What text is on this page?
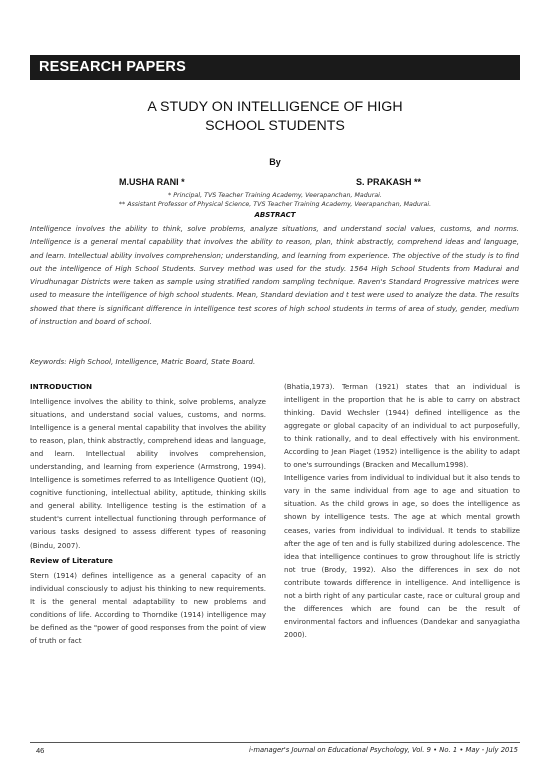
RESEARCH PAPERS
A STUDY ON INTELLIGENCE OF HIGH
SCHOOL STUDENTS
By
M.USHA RANI *	S. PRAKASH **
* Principal, TVS Teacher Training Academy, Veerapanchan, Madurai.
** Assistant Professor of Physical Science, TVS Teacher Training Academy, Veerapanchan, Madurai.
ABSTRACT

Intelligence involves the ability to think, solve problems, analyze situations, and understand social values, customs, and norms. Intelligence is a general mental capability that involves the ability to reason, plan, think abstractly, comprehend ideas and language, and learn. Intellectual ability involves comprehension; understanding, and learning from experience. The objective of the study is to find out the intelligence of High School Students. Survey method was used for the study. 1564 High School Students from Madurai and Virudhunagar Districts were taken as sample using stratified random sampling technique. Raven's Standard Progressive matrices were used to measure the intelligence of high school students. Mean, Standard deviation and t test were used to analyze the data. The results showed that there is significant difference in intelligence test scores of high school students in terms of area of study, gender, medium of instruction and board of school.

Keywords: High School, Intelligence, Matric Board, State Board.
INTRODUCTION

Intelligence involves the ability to think, solve problems, analyze situations, and understand social values, customs, and norms. Intelligence is a general mental capability that involves the ability to reason, plan, think abstractly, comprehend ideas and language, and learn. Intellectual ability involves comprehension, understanding, and learning from experience (Armstrong, 1994). Intelligence is sometimes referred to as Intelligence Quotient (IQ), cognitive functioning, intellectual ability, aptitude, thinking skills and general ability. Intelligence testing is the estimation of a student's current intellectual functioning through performance of various tasks designed to assess different types of reasoning (Bindu, 2007).

Review of Literature

Stern (1914) defines intelligence as a general capacity of an individual consciously to adjust his thinking to new requirements. It is the general mental adaptability to new problems and conditions of life. According to Thorndike (1914) intelligence may be defined as the "power of good responses from the point of view of truth or fact

(Bhatia,1973). Terman (1921) states that an individual is intelligent in the proportion that he is able to carry on abstract thinking. David Wechsler (1944) defined intelligence as the aggregate or global capacity of an individual to act purposefully, to think rationally, and to deal effectively with his environment. According to Jean Piaget (1952) intelligence is the ability to adapt to one's surroundings (Bracken and Mecallum1998).

Intelligence varies from individual to individual but it also tends to vary in the same individual from age to age and situation to situation. As the child grows in age, so does the intelligence as shown by intelligence tests. The age at which mental growth ceases, varies from individual to individual. It tends to stabilize after the age of ten and is fully stabilized during adolescence. The idea that intelligence continues to grow throughout life is strictly not true (Brody, 1992). Also the differences in sex do not contribute towards difference in intelligence. And intelligence is not a birth right of any particular caste, race or cultural group and the differences which are found can be the result of environmental factors and influences (Dandekar and sanyagiatha 2000).

46	i-manager's Journal on Educational Psychology, Vol. 9 • No. 1 • May - July 2015
